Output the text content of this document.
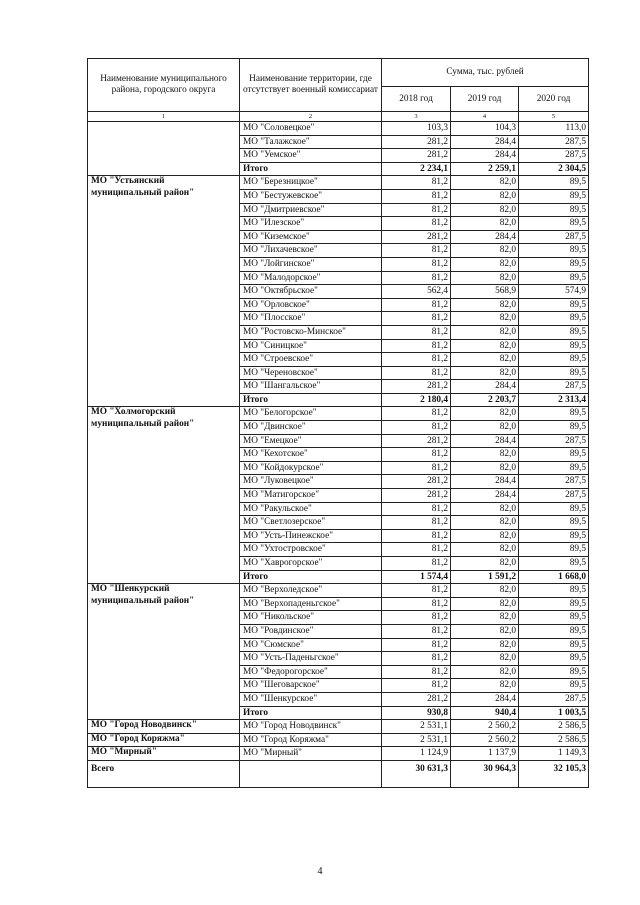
Наименование муниципального района, городского округа	Наименование территории, где отсутствует военный комиссариат	Сумма, тыс. рублей		
		2018 год	2019 год	2020 год
1	2	3	4	5
	МО "Соловецкое"	103,3	104,3	113,0
	МО "Талажское"	281,2	284,4	287,5
	МО "Уемское"	281,2	284,4	287,5
	Итого	2 234,1	2 259,1	2 304,5
МО "Устьянский муниципальный район"	МО "Березницкое"	81,2	82,0	89,5
	МО "Бестужевское"	81,2	82,0	89,5
	МО "Дмитриевское"	81,2	82,0	89,5
	МО "Илезское"	81,2	82,0	89,5
	МО "Киземское"	281,2	284,4	287,5
	МО "Лихачевское"	81,2	82,0	89,5
	МО "Лойгинское"	81,2	82,0	89,5
	МО "Малодорское"	81,2	82,0	89,5
	МО "Октябрьское"	562,4	568,9	574,9
	МО "Орловское"	81,2	82,0	89,5
	МО "Плосское"	81,2	82,0	89,5
	МО "Ростовско-Минское"	81,2	82,0	89,5
	МО "Синицкое"	81,2	82,0	89,5
	МО "Строевское"	81,2	82,0	89,5
	МО "Череновское"	81,2	82,0	89,5
	МО "Шангальское"	281,2	284,4	287,5
	Итого	2 180,4	2 203,7	2 313,4
МО "Холмогорский муниципальный район"	МО "Белогорское"	81,2	82,0	89,5
	МО "Двинское"	81,2	82,0	89,5
	МО "Емецкое"	281,2	284,4	287,5
	МО "Кехотское"	81,2	82,0	89,5
	МО "Койдокурское"	81,2	82,0	89,5
	МО "Луковецкое"	281,2	284,4	287,5
	МО "Матигорское"	281,2	284,4	287,5
	МО "Ракульское"	81,2	82,0	89,5
	МО "Светлозерское"	81,2	82,0	89,5
	МО "Усть-Пинежское"	81,2	82,0	89,5
	МО "Ухтостровское"	81,2	82,0	89,5
	МО "Хаврогорское"	81,2	82,0	89,5
	Итого	1 574,4	1 591,2	1 668,0
МО "Шенкурский муниципальный район"	МО "Верхоледское"	81,2	82,0	89,5
	МО "Верхопаденьгское"	81,2	82,0	89,5
	МО "Никольское"	81,2	82,0	89,5
	МО "Ровдинское"	81,2	82,0	89,5
	МО "Сюмское"	81,2	82,0	89,5
	МО "Усть-Паденьгское"	81,2	82,0	89,5
	МО "Федорогорское"	81,2	82,0	89,5
	МО "Шеговарское"	81,2	82,0	89,5
	МО "Шенкурское"	281,2	284,4	287,5
	Итого	930,8	940,4	1 003,5
МО "Город Новодвинск"	МО "Город Новодвинск"	2 531,1	2 560,2	2 586,5
МО "Город Коряжма"	МО "Город Коряжма"	2 531,1	2 560,2	2 586,5
МО "Мирный"	МО "Мирный"	1 124,9	1 137,9	1 149,3
Всего		30 631,3	30 964,3	32 105,3
4
